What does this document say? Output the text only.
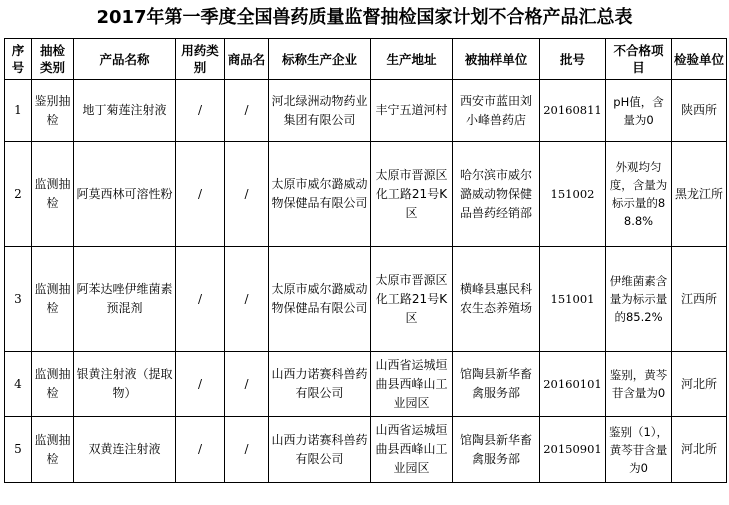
2017年第一季度全国兽药质量监督抽检国家计划不合格产品汇总表
序号	抽检类别	产品名称	用药类别	商品名	标称生产企业	生产地址	被抽样单位	批号	不合格项目	检验单位
1	鉴别抽检	地丁菊莲注射液	/	/	河北绿洲动物药业集团有限公司	丰宁五道河村	西安市蓝田刘小峰兽药店	20160811	pH值，含量为0	陕西所
2	监测抽检	阿莫西林可溶性粉	/	/	太原市威尔潞威动物保健品有限公司	太原市晋源区化工路21号K区	哈尔滨市威尔潞威动物保健品兽药经销部	151002	外观均匀度，含量为标示量的88.8%	黑龙江所
3	监测抽检	阿苯达唑伊维菌素预混剂	/	/	太原市威尔潞威动物保健品有限公司	太原市晋源区化工路21号K区	横峰县惠民科农生态养殖场	151001	伊维菌素含量为标示量的85.2%	江西所
4	监测抽检	银黄注射液（提取物）	/	/	山西力诺赛科兽药有限公司	山西省运城垣曲县西峰山工业园区	馆陶县新华畜禽服务部	20160101	鉴别，黄芩苷含量为0	河北所
5	监测抽检	双黄连注射液	/	/	山西力诺赛科兽药有限公司	山西省运城垣曲县西峰山工业园区	馆陶县新华畜禽服务部	20150901	鉴别（1），黄芩苷含量为0	河北所
